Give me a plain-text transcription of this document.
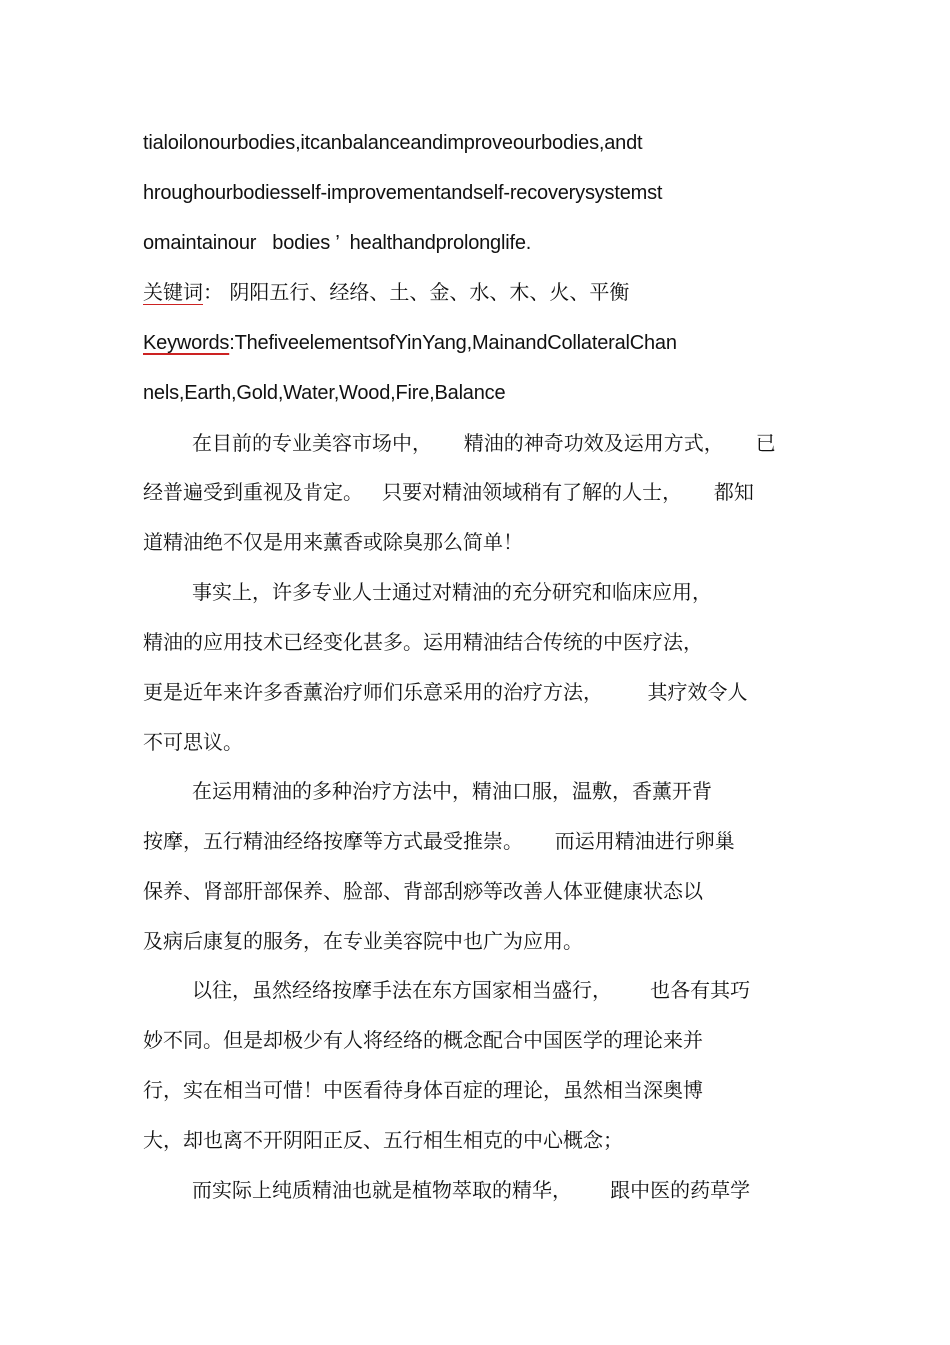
tialoilonourbodies,itcanbalanceandimproveourbodies,andt
hroughourbodiesself-improvementandself-recoverysystemst
omaintainour   bodies ’  healthandprolonglife.
关键词： 阴阳五行、经络、土、金、水、木、火、平衡
Keywords:ThefiveelementsofYinYang,MainandCollateralChan
nels,Earth,Gold,Water,Wood,Fire,Balance
在目前的专业美容市场中，     精油的神奇功效及运用方式，     已
经普遍受到重视及肯定。   只要对精油领域稍有了解的人士，     都知
道精油绝不仅是用来薰香或除臭那么简单！
事实上，许多专业人士通过对精油的充分研究和临床应用，
精油的应用技术已经变化甚多。运用精油结合传统的中医疗法，
更是近年来许多香薰治疗师们乐意采用的治疗方法，       其疗效令人
不可思议。
在运用精油的多种治疗方法中，精油口服，温敷，香薰开背
按摩，五行精油经络按摩等方式最受推崇。     而运用精油进行卵巢
保养、肾部肝部保养、脸部、背部刮痧等改善人体亚健康状态以
及病后康复的服务，在专业美容院中也广为应用。
以往，虽然经络按摩手法在东方国家相当盛行，      也各有其巧
妙不同。但是却极少有人将经络的概念配合中国医学的理论来并
行，实在相当可惜！中医看待身体百症的理论，虽然相当深奥博
大，却也离不开阴阳正反、五行相生相克的中心概念；
而实际上纯质精油也就是植物萃取的精华，      跟中医的药草学
